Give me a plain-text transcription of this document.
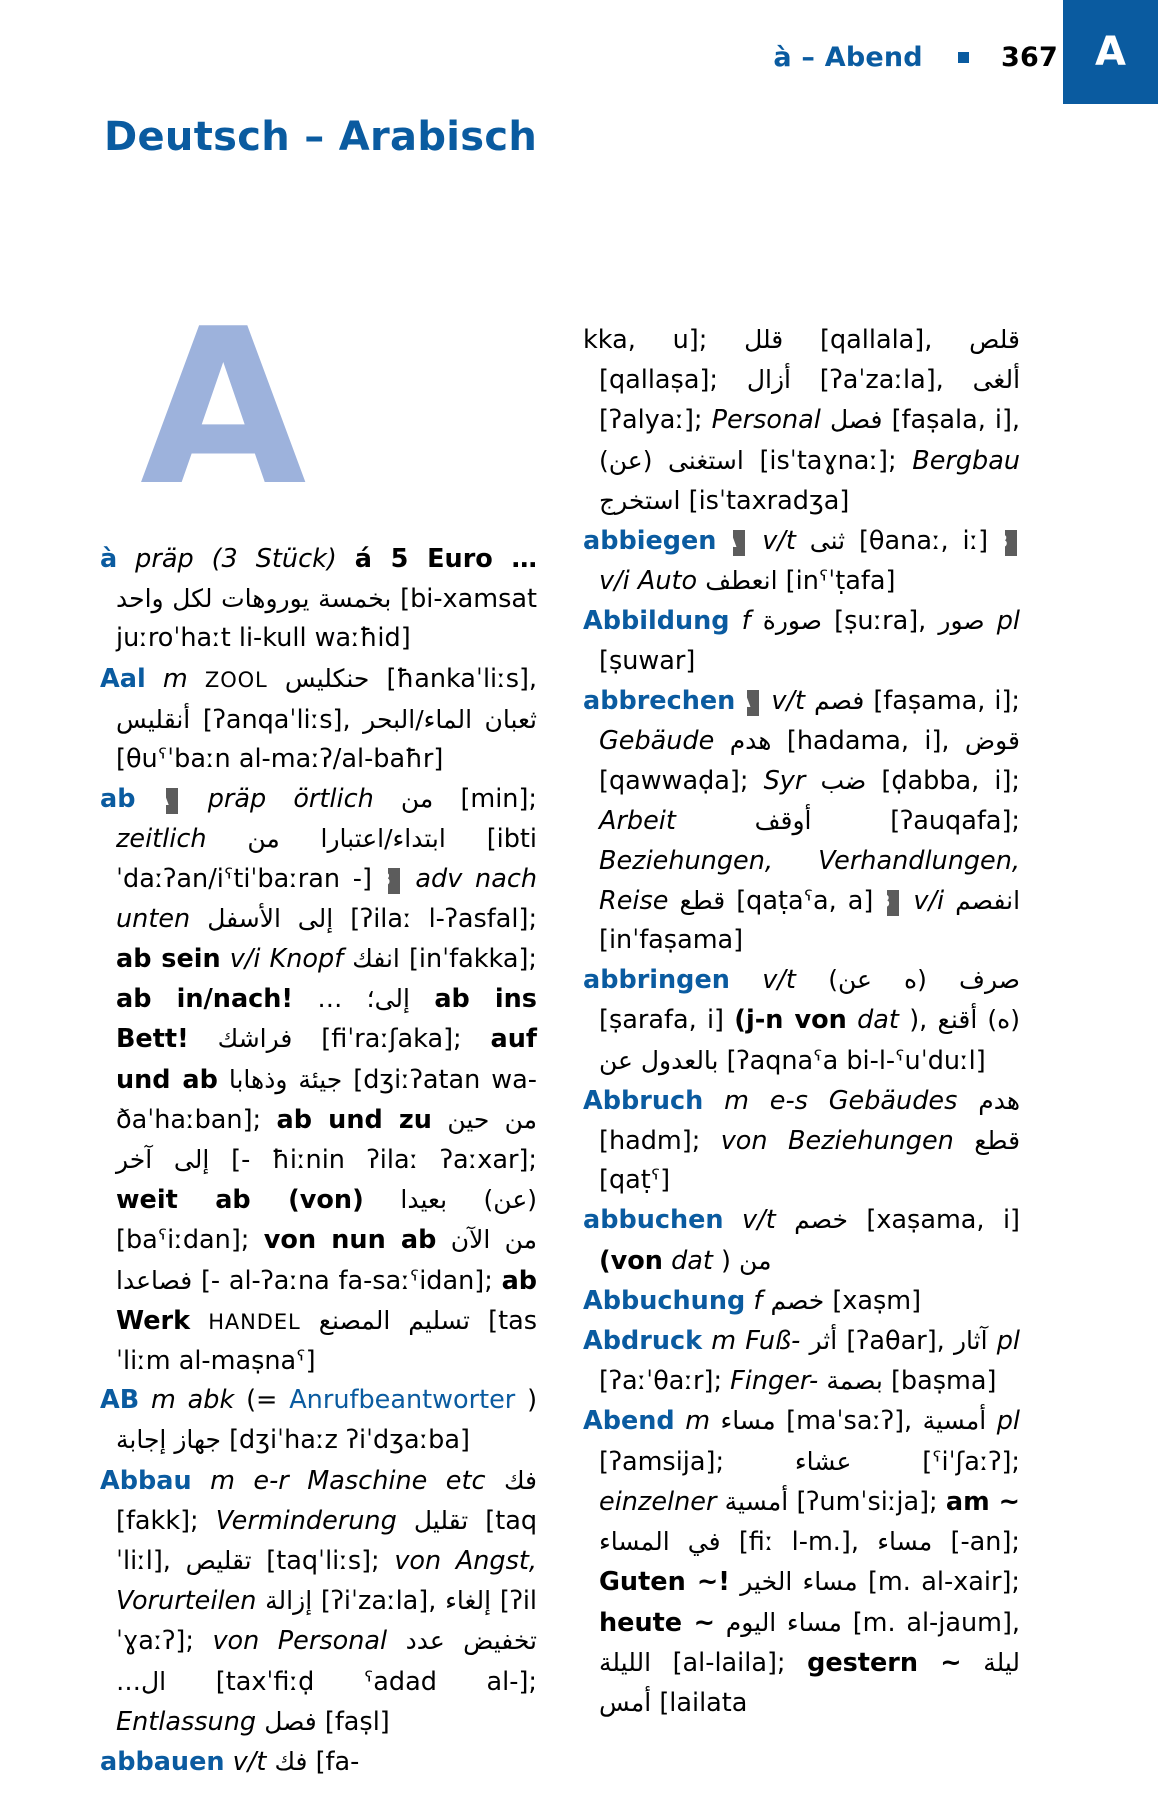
à – Abend	367 A
Deutsch – Arabisch
A

à präp (3 Stück) á 5 Euro … بخمسة يوروهات لكل واحد [bi-xamsat juːroˈhaːt li-kull waːħid]

Aal m ZOOL حنكليس [ħankaˈliːs], أنقليس [ʔanqaˈliːs], ثعبان الماء/البحر [θuˁˈbaːn al-maːʔ/al-baħr]

ab A präp örtlich من [min]; zeitlich ابتداء/اعتبارا من [ibtiˈdaːʔan/iˁtiˈbaːran -] B adv nach unten إلى الأسفل [ʔilaː l-ʔasfal]; ab sein v/i Knopf انفك [inˈfakka]; ab in/nach! إلى؛ … ab ins Bett! فراشك [fiˈraːʃaka]; auf und ab جيئة وذهابا [dʒiːʔatan wa-ðaˈhaːban]; ab und zu من حين إلى آخر [- ħiːnin ʔilaː ʔaːxar]; weit ab (von) (عن) بعيدا [baˁiːdan]; von nun ab من الآن فصاعدا [- al-ʔaːna fa-saːˁidan]; ab Werk HANDEL تسليم المصنع [tasˈliːm al-maṣnaˁ]

AB m abk (= Anrufbeantworter ) جهاز إجابة [dʒiˈhaːz ʔiˈdʒaːba]

Abbau m e-r Maschine etc فك [fakk]; Verminderung تقليل [taqˈliːl], تقليص [taqˈliːs]; von Angst, Vorurteilen إزالة [ʔiˈzaːla], إلغاء [ʔilˈɣaːʔ]; von Personal تخفيض عدد ال… [taxˈfiːḍ ˁadad al-]; Entlassung فصل [faṣl]

abbauen v/t فك [fa-

kka, u]; قلل [qallala], قلص [qallaṣa]; أزال [ʔaˈzaːla], ألغى [ʔalyaː]; Personal فصل [faṣala, i], استغنى (عن) [isˈtaɣnaː]; Bergbau استخرج [isˈtaxradʒa]

abbiegen A v/t ثنى [θanaː, iː] B v/i Auto انعطف [inˁˈṭafa]

Abbildung f صورة [ṣuːra], صور pl [ṣuwar]

abbrechen A v/t فصم [faṣama, i]; Gebäude هدم [hadama, i], قوض [qawwaḍa]; Syr ضب [ḍabba, i]; Arbeit	أوقف	[ʔauqafa]; Beziehungen, Verhandlungen, Reise قطع [qaṭaˁa, a] B v/i انفصم [inˈfaṣama]

abbringen v/t صرف (ه عن) [ṣarafa, i] (j-n von dat ), (ه) أقنع بالعدول عن [ʔaqnaˁa bi-l-ˁuˈduːl]

Abbruch m e-s Gebäudes هدم [hadm]; von Beziehungen قطع [qaṭˁ]

abbuchen v/t خصم [xaṣama, i] (von dat ) من

Abbuchung f خصم [xaṣm]

Abdruck m Fuß- أثر [ʔaθar], آثار pl [ʔaːˈθaːr]; Finger- بصمة [baṣma]

Abend m مساء [maˈsaːʔ], أمسية pl [ʔamsija];	عشاء	[ˁiˈʃaːʔ]; einzelner أمسية [ʔumˈsiːja]; am ~ في المساء [fiː l-m.], مساء [-an]; Guten ~! مساء الخير [m. al-xair]; heute ~ مساء اليوم [m. al-jaum], الليلة [al-laila]; gestern ~ ليلة أمس [lailata
